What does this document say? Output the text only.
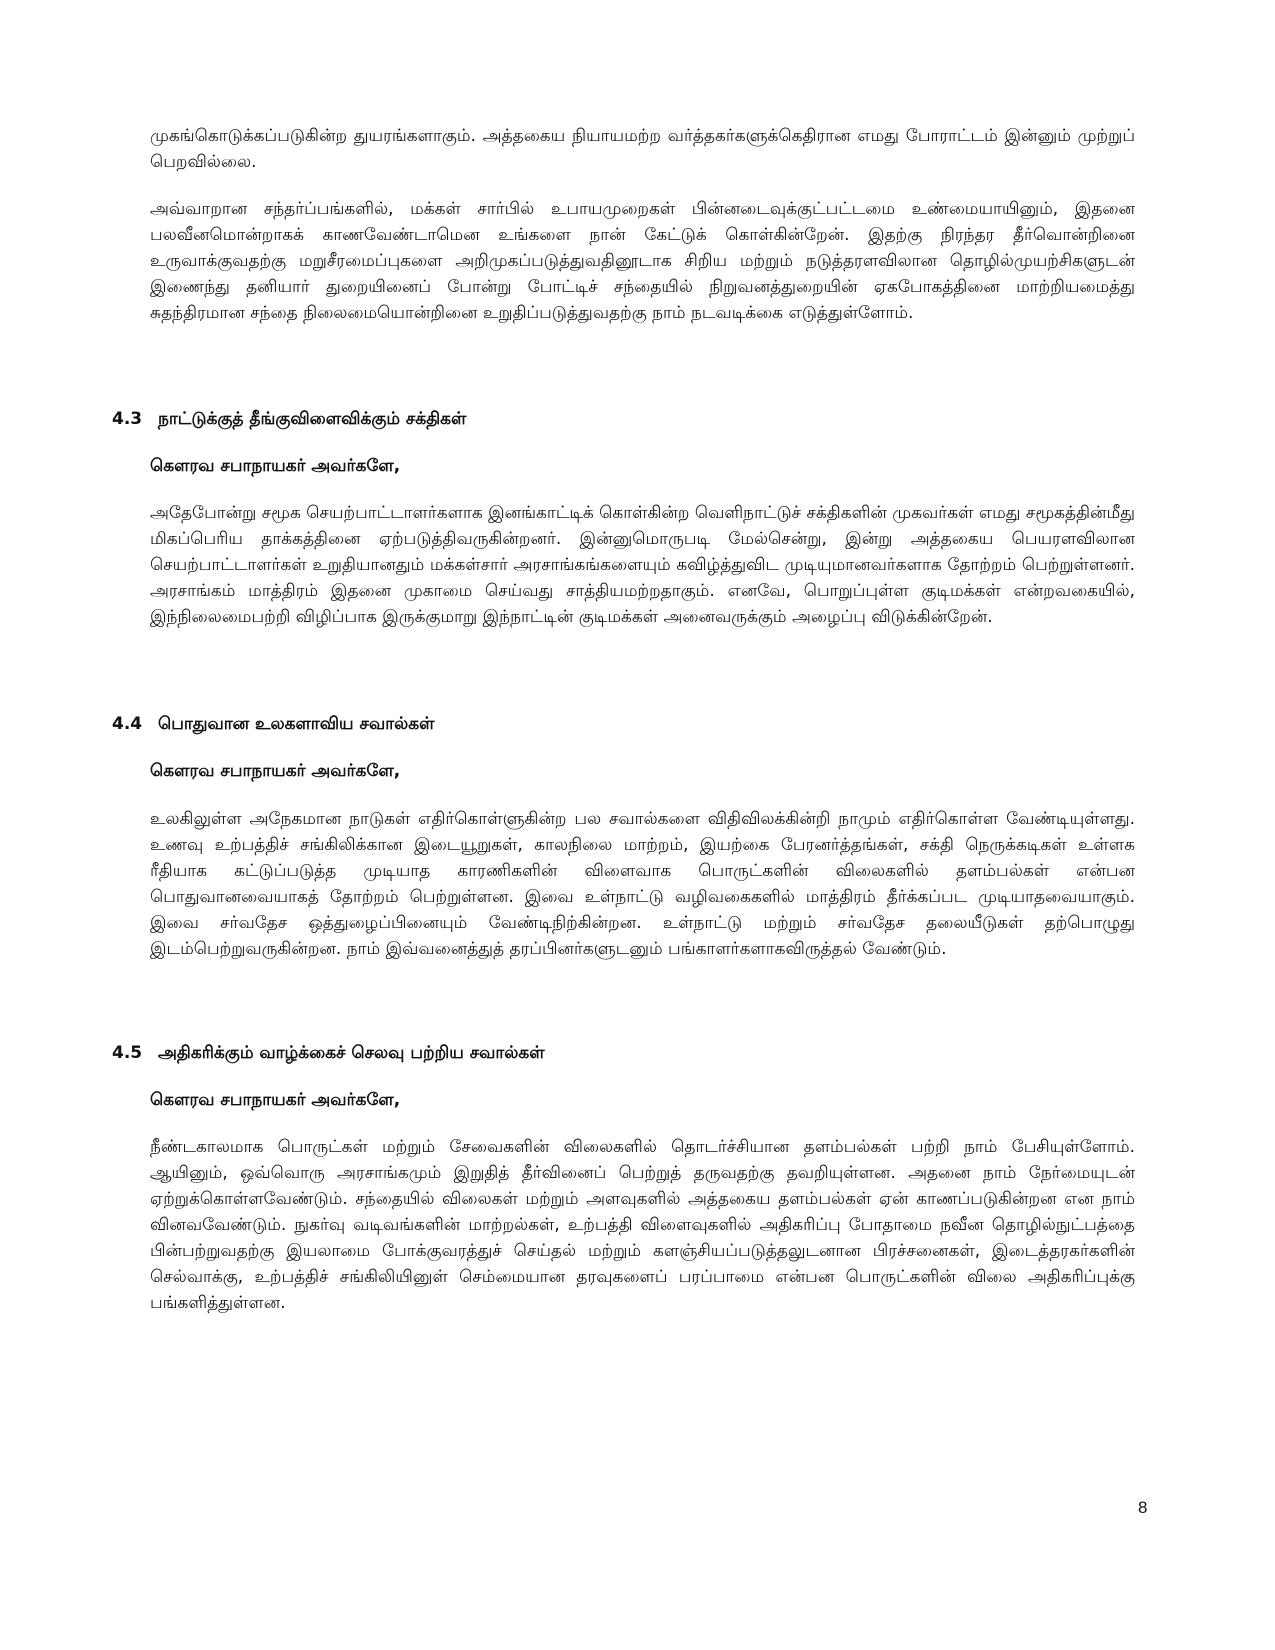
முகங்கொடுக்கப்படுகின்ற துயரங்களாகும். அத்தகைய நியாயமற்ற வர்த்தகர்களுக்கெதிரான எமது போராட்டம் இன்னும் முற்றுப் பெறவில்லை.

அவ்வாறான சந்தர்ப்பங்களில், மக்கள் சார்பில் உபாயமுறைகள் பின்னடைவுக்குட்பட்டமை உண்மையாயினும், இதனை பலவீனமொன்றாகக் காணவேண்டாமென உங்களை நான் கேட்டுக் கொள்கின்றேன். இதற்கு நிரந்தர தீர்வொன்றினை உருவாக்குவதற்கு மறுசீரமைப்புகளை அறிமுகப்படுத்துவதினூடாக சிறிய மற்றும் நடுத்தரளவிலான தொழில்முயற்சிகளுடன் இணைந்து தனியார் துறையினைப் போன்று போட்டிச் சந்தையில் நிறுவனத்துறையின் ஏகபோகத்தினை மாற்றியமைத்து சுதந்திரமான சந்தை நிலைமையொன்றினை உறுதிப்படுத்துவதற்கு நாம் நடவடிக்கை எடுத்துள்ளோம்.

4.3 நாட்டுக்குத் தீங்குவிளைவிக்கும் சக்திகள்
கௌரவ சபாநாயகர் அவர்களே,

அதேபோன்று சமூக செயற்பாட்டாளர்களாக இனங்காட்டிக் கொள்கின்ற வெளிநாட்டுச் சக்திகளின் முகவர்கள் எமது சமூகத்தின்மீது மிகப்பெரிய தாக்கத்தினை ஏற்படுத்திவருகின்றனர். இன்னுமொருபடி மேல்சென்று, இன்று அத்தகைய பெயரளவிலான செயற்பாட்டாளர்கள் உறுதியானதும் மக்கள்சார் அரசாங்கங்களையும் கவிழ்த்துவிட முடியுமானவர்களாக தோற்றம் பெற்றுள்ளனர். அரசாங்கம் மாத்திரம் இதனை முகாமை செய்வது சாத்தியமற்றதாகும். எனவே, பொறுப்புள்ள குடிமக்கள் என்றவகையில், இந்நிலைமைபற்றி விழிப்பாக இருக்குமாறு இந்நாட்டின் குடிமக்கள் அனைவருக்கும் அழைப்பு விடுக்கின்றேன்.

4.4 பொதுவான உலகளாவிய சவால்கள்
கௌரவ சபாநாயகர் அவர்களே,

உலகிலுள்ள அநேகமான நாடுகள் எதிர்கொள்ளுகின்ற பல சவால்களை விதிவிலக்கின்றி நாமும் எதிர்கொள்ள வேண்டியுள்ளது. உணவு உற்பத்திச் சங்கிலிக்கான இடையூறுகள், காலநிலை மாற்றம், இயற்கை பேரனர்த்தங்கள், சக்தி நெருக்கடிகள் உள்ளக ரீதியாக கட்டுப்படுத்த முடியாத காரணிகளின் விளைவாக பொருட்களின் விலைகளில் தளம்பல்கள் என்பன பொதுவானவையாகத் தோற்றம் பெற்றுள்ளன. இவை உள்நாட்டு வழிவகைகளில் மாத்திரம் தீர்க்கப்பட முடியாதவையாகும். இவை சர்வதேச ஒத்துழைப்பினையும் வேண்டிநிற்கின்றன. உள்நாட்டு மற்றும் சர்வதேச தலையீடுகள் தற்பொழுது இடம்பெற்றுவருகின்றன. நாம் இவ்வனைத்துத் தரப்பினர்களுடனும் பங்காளர்களாகவிருத்தல் வேண்டும்.

4.5 அதிகரிக்கும் வாழ்க்கைச் செலவு பற்றிய சவால்கள்
கௌரவ சபாநாயகர் அவர்களே,

நீண்டகாலமாக பொருட்கள் மற்றும் சேவைகளின் விலைகளில் தொடர்ச்சியான தளம்பல்கள் பற்றி நாம் பேசியுள்ளோம். ஆயினும், ஒவ்வொரு அரசாங்கமும் இறுதித் தீர்வினைப் பெற்றுத் தருவதற்கு தவறியுள்ளன. அதனை நாம் நேர்மையுடன் ஏற்றுக்கொள்ளவேண்டும். சந்தையில் விலைகள் மற்றும் அளவுகளில் அத்தகைய தளம்பல்கள் ஏன் காணப்படுகின்றன என நாம் வினவவேண்டும். நுகர்வு வடிவங்களின் மாற்றல்கள், உற்பத்தி விளைவுகளில் அதிகரிப்பு போதாமை நவீன தொழில்நுட்பத்தை பின்பற்றுவதற்கு இயலாமை போக்குவரத்துச் செய்தல் மற்றும் களஞ்சியப்படுத்தலுடனான பிரச்சனைகள், இடைத்தரகர்களின் செல்வாக்கு, உற்பத்திச் சங்கிலியினுள் செம்மையான தரவுகளைப் பரப்பாமை என்பன பொருட்களின் விலை அதிகரிப்புக்கு பங்களித்துள்ளன.

8
